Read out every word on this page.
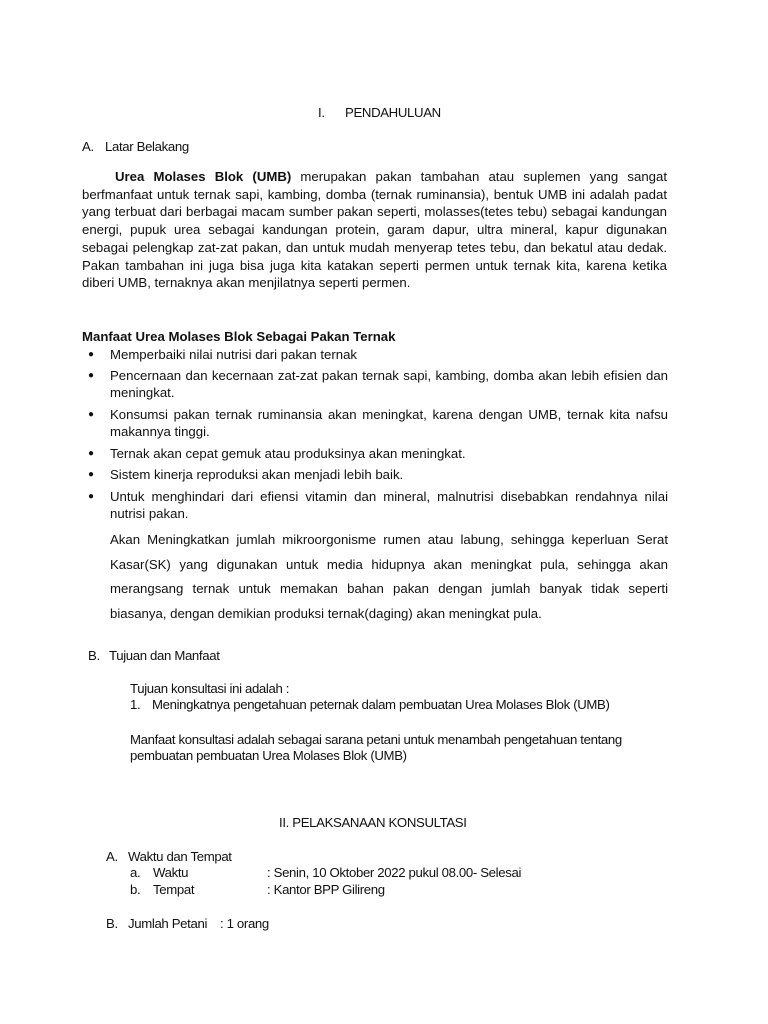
I. PENDAHULUAN
A. Latar Belakang
Urea Molases Blok (UMB) merupakan pakan tambahan atau suplemen yang sangat berfmanfaat untuk ternak sapi, kambing, domba (ternak ruminansia), bentuk UMB ini adalah padat yang terbuat dari berbagai macam sumber pakan seperti, molasses(tetes tebu) sebagai kandungan energi, pupuk urea sebagai kandungan protein, garam dapur, ultra mineral, kapur digunakan sebagai pelengkap zat-zat pakan, dan untuk mudah menyerap tetes tebu, dan bekatul atau dedak. Pakan tambahan ini juga bisa juga kita katakan seperti permen untuk ternak kita, karena ketika diberi UMB, ternaknya akan menjilatnya seperti permen.
Manfaat Urea Molases Blok Sebagai Pakan Ternak
● Memperbaiki nilai nutrisi dari pakan ternak
● Pencernaan dan kecernaan zat-zat pakan ternak sapi, kambing, domba akan lebih efisien dan meningkat.
● Konsumsi pakan ternak ruminansia akan meningkat, karena dengan UMB, ternak kita nafsu makannya tinggi.
● Ternak akan cepat gemuk atau produksinya akan meningkat.
● Sistem kinerja reproduksi akan menjadi lebih baik.
● Untuk menghindari dari efiensi vitamin dan mineral, malnutrisi disebabkan rendahnya nilai nutrisi pakan.
Akan Meningkatkan jumlah mikroorgonisme rumen atau labung, sehingga keperluan Serat Kasar(SK) yang digunakan untuk media hidupnya akan meningkat pula, sehingga akan merangsang ternak untuk memakan bahan pakan dengan jumlah banyak tidak seperti biasanya, dengan demikian produksi ternak(daging) akan meningkat pula.
B. Tujuan dan Manfaat
Tujuan konsultasi ini adalah :
1. Meningkatnya pengetahuan peternak dalam pembuatan Urea Molases Blok (UMB)
Manfaat konsultasi adalah sebagai sarana petani untuk menambah pengetahuan tentang
pembuatan pembuatan Urea Molases Blok (UMB)
II. PELAKSANAAN KONSULTASI
A. Waktu dan Tempat
a. Waktu	: Senin, 10 Oktober 2022 pukul 08.00- Selesai
b. Tempat	: Kantor BPP Gilireng
B. Jumlah Petani : 1 orang
